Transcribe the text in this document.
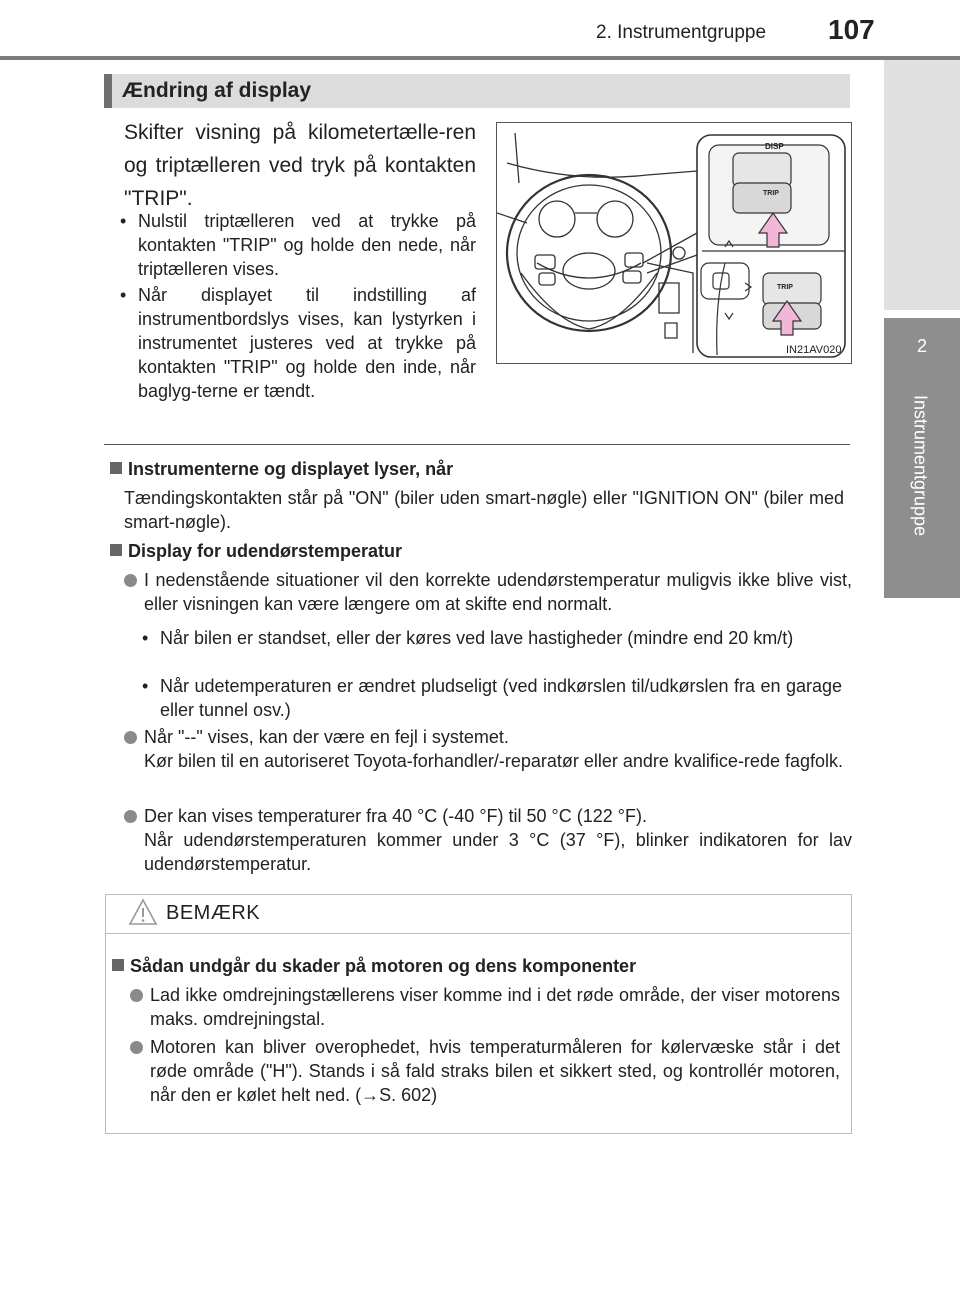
2. Instrumentgruppe 107
2
Instrumentgruppe
Ændring af display
Skifter visning på kilometertælle-ren og triptælleren ved tryk på kontakten "TRIP".
• Nulstil triptælleren ved at trykke på kontakten "TRIP" og holde den nede, når triptælleren vises.
• Når displayet til indstilling af instrumentbordslys vises, kan lystyrken i instrumentet justeres ved at trykke på kontakten "TRIP" og holde den inde, når baglyg-terne er tændt.
DISP
TRIP
TRIP
IN21AV020
Instrumenterne og displayet lyser, når
Tændingskontakten står på "ON" (biler uden smart-nøgle) eller "IGNITION ON" (biler med smart-nøgle).
Display for udendørstemperatur
I nedenstående situationer vil den korrekte udendørstemperatur muligvis ikke blive vist, eller visningen kan være længere om at skifte end normalt.
• Når bilen er standset, eller der køres ved lave hastigheder (mindre end 20 km/t)
• Når udetemperaturen er ændret pludseligt (ved indkørslen til/udkørslen fra en garage eller tunnel osv.)
Når "--" vises, kan der være en fejl i systemet.
Kør bilen til en autoriseret Toyota-forhandler/-reparatør eller andre kvalifice-rede fagfolk.
Der kan vises temperaturer fra 40 °C (-40 °F) til 50 °C (122 °F).
Når udendørstemperaturen kommer under 3 °C (37 °F), blinker indikatoren for lav udendørstemperatur.
BEMÆRK
Sådan undgår du skader på motoren og dens komponenter
Lad ikke omdrejningstællerens viser komme ind i det røde område, der viser motorens maks. omdrejningstal.
Motoren kan bliver overophedet, hvis temperaturmåleren for kølervæske står i det røde område ("H"). Stands i så fald straks bilen et sikkert sted, og kontrollér motoren, når den er kølet helt ned. (→S. 602)
